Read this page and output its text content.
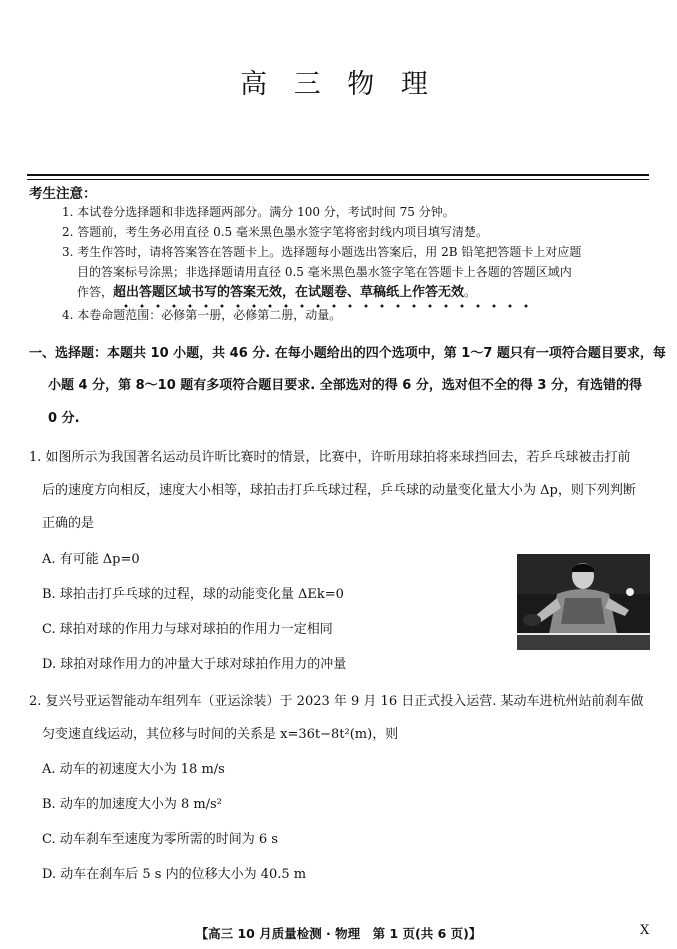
高 三 物 理
考生注意：
1. 本试卷分选择题和非选择题两部分。满分 100 分，考试时间 75 分钟。
2. 答题前，考生务必用直径 0.5 毫米黑色墨水签字笔将密封线内项目填写清楚。
3. 考生作答时，请将答案答在答题卡上。选择题每小题选出答案后，用 2B 铅笔把答题卡上对应题
目的答案标号涂黑；非选择题请用直径 0.5 毫米黑色墨水签字笔在答题卡上各题的答题区域内
作答，超出答题区域书写的答案无效，在试题卷、草稿纸上作答无效。
4. 本卷命题范围：必修第一册，必修第二册，动量。
一、选择题：本题共 10 小题，共 46 分. 在每小题给出的四个选项中，第 1～7 题只有一项符合题目要求，每
小题 4 分，第 8～10 题有多项符合题目要求. 全部选对的得 6 分，选对但不全的得 3 分，有选错的得
0 分.
1. 如图所示为我国著名运动员许昕比赛时的情景，比赛中，许昕用球拍将来球挡回去，若乒乓球被击打前
后的速度方向相反，速度大小相等，球拍击打乒乓球过程，乒乓球的动量变化量大小为 Δp，则下列判断
正确的是
A. 有可能 Δp=0
B. 球拍击打乒乓球的过程，球的动能变化量 ΔEk=0
C. 球拍对球的作用力与球对球拍的作用力一定相同
D. 球拍对球作用力的冲量大于球对球拍作用力的冲量
2. 复兴号亚运智能动车组列车（亚运涂装）于 2023 年 9 月 16 日正式投入运营. 某动车进杭州站前刹车做
匀变速直线运动，其位移与时间的关系是 x=36t−8t²(m)，则
A. 动车的初速度大小为 18 m/s
B. 动车的加速度大小为 8 m/s²
C. 动车刹车至速度为零所需的时间为 6 s
D. 动车在刹车后 5 s 内的位移大小为 40.5 m
【高三 10 月质量检测 · 物理　第 1 页(共 6 页)】	X
